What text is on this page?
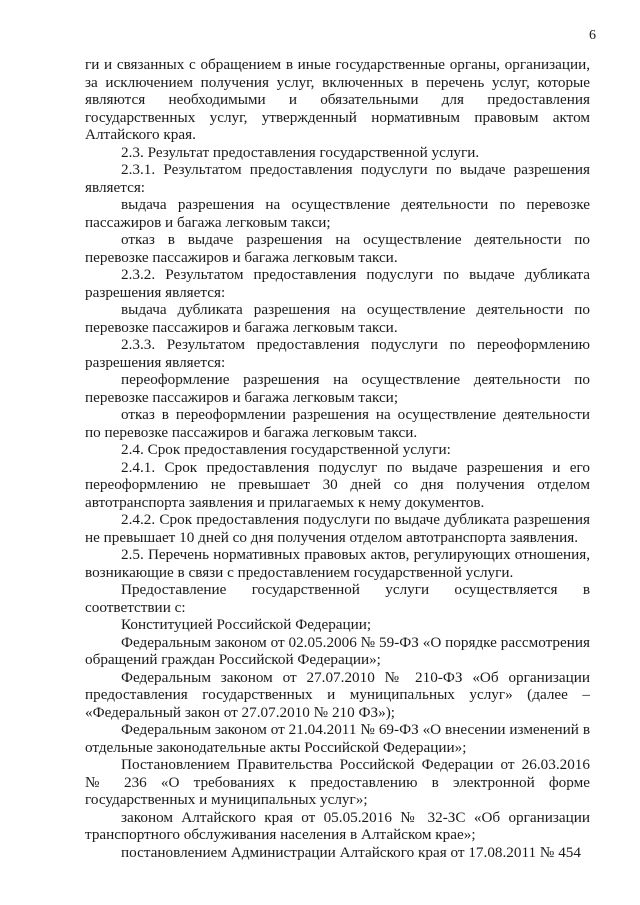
6

ги и связанных с обращением в иные государственные органы, организации, за исключением получения услуг, включенных в перечень услуг, которые являются необходимыми и обязательными для предоставления государственных услуг, утвержденный нормативным правовым актом Алтайского края.

2.3. Результат предоставления государственной услуги.

2.3.1. Результатом предоставления подуслуги по выдаче разрешения является:

выдача разрешения на осуществление деятельности по перевозке пассажиров и багажа легковым такси;

отказ в выдаче разрешения на осуществление деятельности по перевозке пассажиров и багажа легковым такси.

2.3.2. Результатом предоставления подуслуги по выдаче дубликата разрешения является:

выдача дубликата разрешения на осуществление деятельности по перевозке пассажиров и багажа легковым такси.

2.3.3. Результатом предоставления подуслуги по переоформлению разрешения является:

переоформление разрешения на осуществление деятельности по перевозке пассажиров и багажа легковым такси;

отказ в переоформлении разрешения на осуществление деятельности по перевозке пассажиров и багажа легковым такси.

2.4. Срок предоставления государственной услуги:

2.4.1. Срок предоставления подуслуг по выдаче разрешения и его переоформлению не превышает 30 дней со дня получения отделом автотранспорта заявления и прилагаемых к нему документов.

2.4.2. Срок предоставления подуслуги по выдаче дубликата разрешения не превышает 10 дней со дня получения отделом автотранспорта заявления.

2.5. Перечень нормативных правовых актов, регулирующих отношения, возникающие в связи с предоставлением государственной услуги.

Предоставление государственной услуги осуществляется в соответствии с:

Конституцией Российской Федерации;

Федеральным законом от 02.05.2006 № 59-ФЗ «О порядке рассмотрения обращений граждан Российской Федерации»;

Федеральным законом от 27.07.2010 № 210-ФЗ «Об организации предоставления государственных и муниципальных услуг» (далее – «Федеральный закон от 27.07.2010 № 210 ФЗ»);

Федеральным законом от 21.04.2011 № 69-ФЗ «О внесении изменений в отдельные законодательные акты Российской Федерации»;

Постановлением Правительства Российской Федерации от 26.03.2016 № 236 «О требованиях к предоставлению в электронной форме государственных и муниципальных услуг»;

законом Алтайского края от 05.05.2016 № 32-ЗС «Об организации транспортного обслуживания населения в Алтайском крае»;

постановлением Администрации Алтайского края от 17.08.2011 № 454
